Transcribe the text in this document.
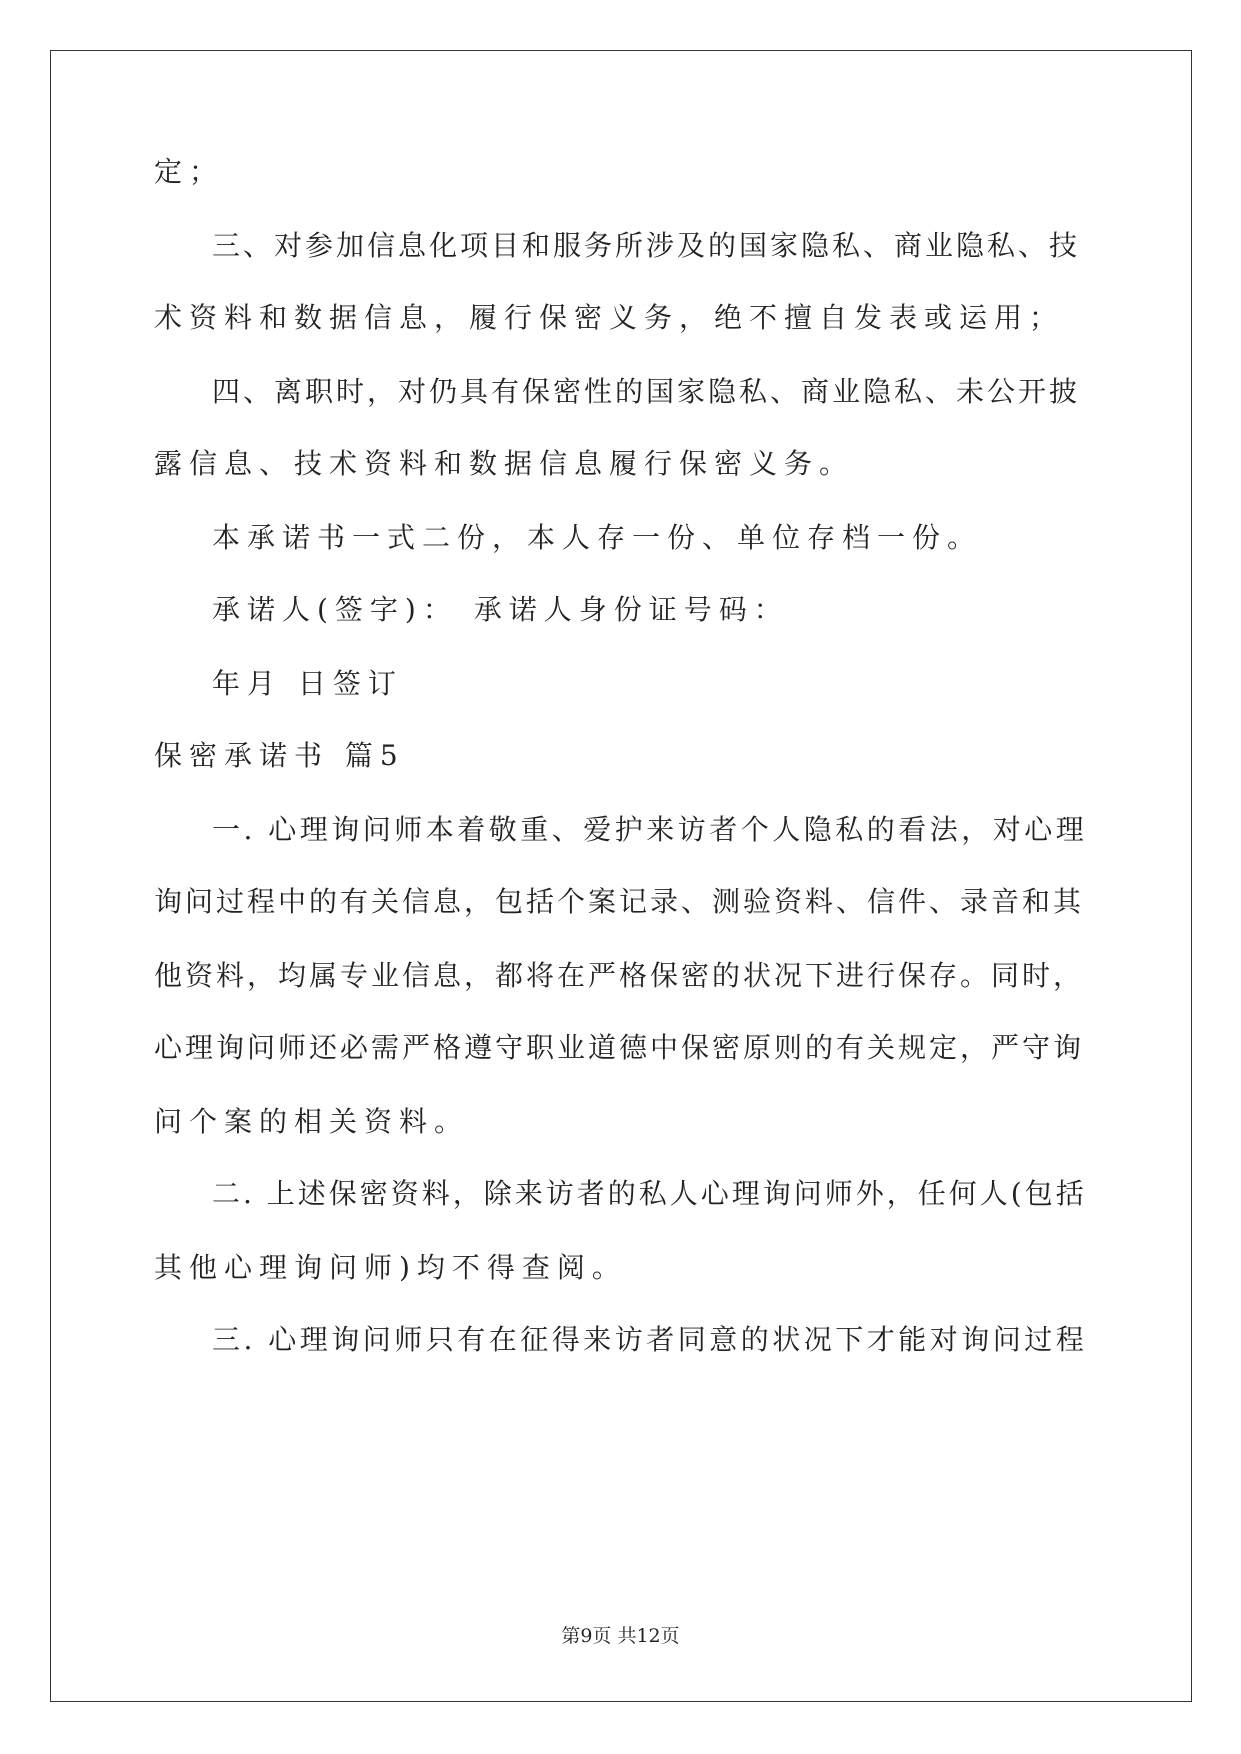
定；
三、对参加信息化项目和服务所涉及的国家隐私、商业隐私、技
术资料和数据信息，履行保密义务，绝不擅自发表或运用；
四、离职时，对仍具有保密性的国家隐私、商业隐私、未公开披
露信息、技术资料和数据信息履行保密义务。
本承诺书一式二份，本人存一份、单位存档一份。
承诺人(签字)： 承诺人身份证号码：
年月 日签订
保密承诺书 篇5
一. 心理询问师本着敬重、爱护来访者个人隐私的看法，对心理
询问过程中的有关信息，包括个案记录、测验资料、信件、录音和其
他资料，均属专业信息，都将在严格保密的状况下进行保存。同时，
心理询问师还必需严格遵守职业道德中保密原则的有关规定，严守询
问个案的相关资料。
二. 上述保密资料，除来访者的私人心理询问师外，任何人(包括
其他心理询问师)均不得查阅。
三. 心理询问师只有在征得来访者同意的状况下才能对询问过程
第9页 共12页
